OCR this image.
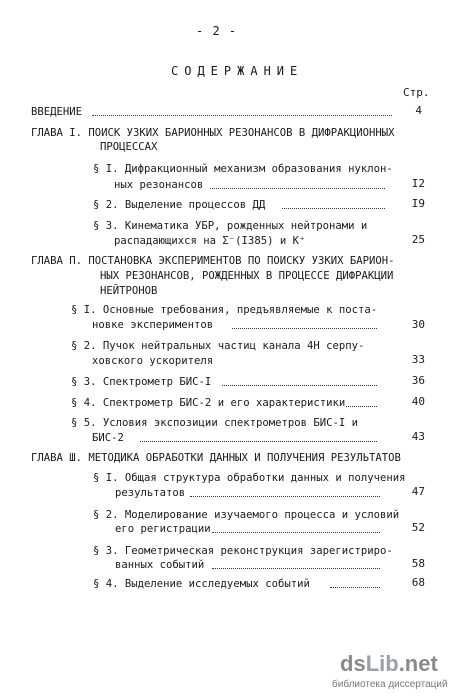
- 2 -
СОДЕРЖАНИЕ
Стр.
ВВЕДЕНИЕ	4
ГЛАВА I. ПОИСК УЗКИХ БАРИОННЫХ РЕЗОНАНСОВ В ДИФРАКЦИОННЫХ
ПРОЦЕССАХ
§ I. Дифракционный механизм образования нуклон-
ных резонансов	I2
§ 2. Выделение процессов ДД	I9
§ 3. Кинематика УБР, рожденных нейтронами и
распадающихся на Σ⁻(I385) и K⁺	25
ГЛАВА П. ПОСТАНОВКА ЭКСПЕРИМЕНТОВ ПО ПОИСКУ УЗКИХ БАРИОН-
НЫХ РЕЗОНАНСОВ, РОЖДЕННЫХ В ПРОЦЕССЕ ДИФРАКЦИИ
НЕЙТРОНОВ
§ I. Основные требования, предъявляемые к поста-
новке экспериментов	30
§ 2. Пучок нейтральных частиц канала 4Н серпу-
ховского ускорителя	33
§ 3. Спектрометр БИС-I	36
§ 4. Спектрометр БИС-2 и его характеристики	40
§ 5. Условия экспозиции спектрометров БИС-I и
БИС-2	43
ГЛАВА Ш. МЕТОДИКА ОБРАБОТКИ ДАННЫХ И ПОЛУЧЕНИЯ РЕЗУЛЬТАТОВ
§ I. Общая структура обработки данных и получения
результатов	47
§ 2. Моделирование изучаемого процесса и условий
его регистрации	52
§ 3. Геометрическая реконструкция зарегистриро-
ванных событий	58
§ 4. Выделение исследуемых событий	68
dsLib.net
библиотека диссертаций
